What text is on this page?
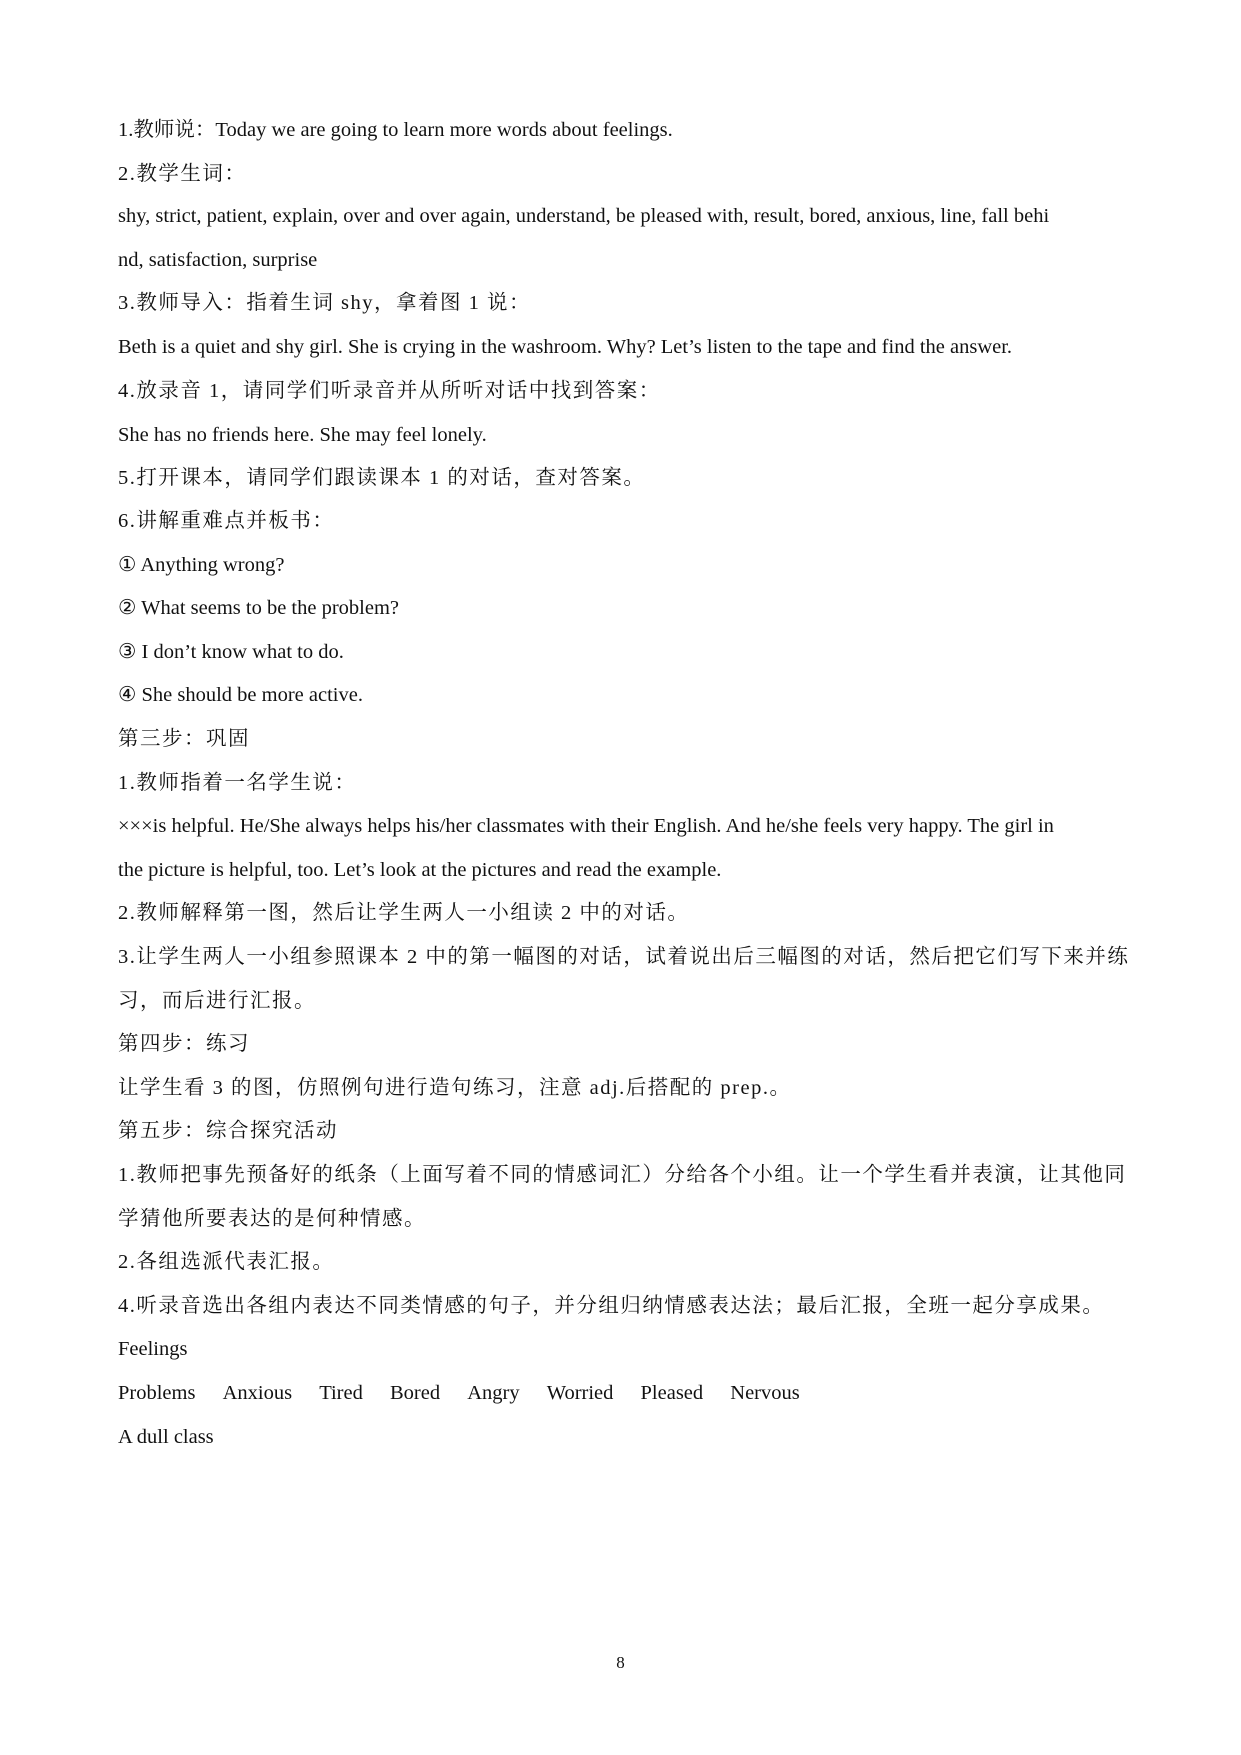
1.教师说：Today we are going to learn more words about feelings.
2.教学生词：
shy, strict, patient, explain, over and over again, understand, be pleased with, result, bored, anxious, line, fall behi
nd, satisfaction, surprise
3.教师导入：指着生词 shy，拿着图 1 说：
Beth is a quiet and shy girl. She is crying in the washroom. Why? Let’s listen to the tape and find the answer.
4.放录音 1，请同学们听录音并从所听对话中找到答案：
She has no friends here. She may feel lonely.
5.打开课本，请同学们跟读课本 1 的对话，查对答案。
6.讲解重难点并板书：
① Anything wrong?
② What seems to be the problem?
③ I don’t know what to do.
④ She should be more active.
第三步：巩固
1.教师指着一名学生说：
×××is helpful. He/She always helps his/her classmates with their English. And he/she feels very happy. The girl in
the picture is helpful, too. Let’s look at the pictures and read the example.
2.教师解释第一图，然后让学生两人一小组读 2 中的对话。
3.让学生两人一小组参照课本 2 中的第一幅图的对话，试着说出后三幅图的对话，然后把它们写下来并练
习，而后进行汇报。
第四步：练习
让学生看 3 的图，仿照例句进行造句练习，注意 adj.后搭配的 prep.。
第五步：综合探究活动
1.教师把事先预备好的纸条（上面写着不同的情感词汇）分给各个小组。让一个学生看并表演，让其他同
学猜他所要表达的是何种情感。
2.各组选派代表汇报。
4.听录音选出各组内表达不同类情感的句子，并分组归纳情感表达法；最后汇报，全班一起分享成果。
Feelings
Problems Anxious Tired Bored Angry Worried Pleased Nervous
A dull class
8
